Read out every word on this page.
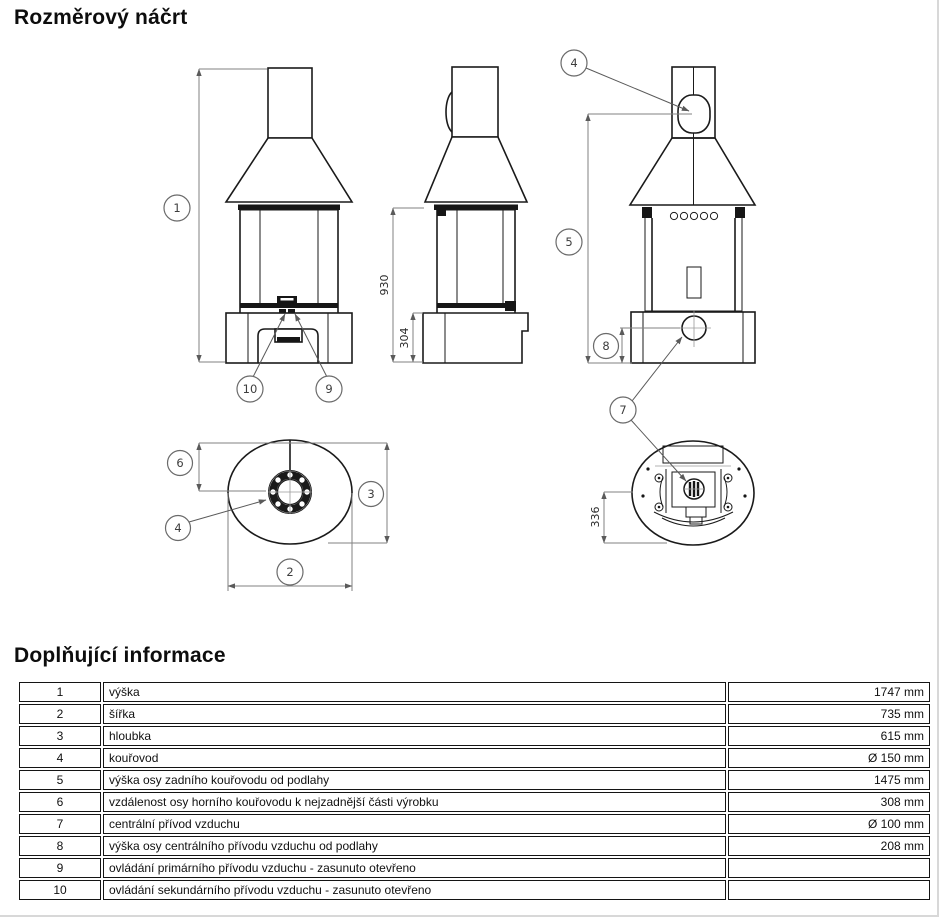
Rozměrový náčrt
930
304
336
1
10	9
4
5
8
7
6
4
3
2
Doplňující informace
1	výška	1747 mm
2	šířka	735 mm
3	hloubka	615 mm
4	kouřovod	Ø 150 mm
5	výška osy zadního kouřovodu od podlahy	1475 mm
6	vzdálenost osy horního kouřovodu k nejzadnější části výrobku	308 mm
7	centrální přívod vzduchu	Ø 100 mm
8	výška osy centrálního přívodu vzduchu od podlahy	208 mm
9	ovládání primárního přívodu vzduchu - zasunuto otevřeno	
10	ovládání sekundárního přívodu vzduchu - zasunuto otevřeno	
